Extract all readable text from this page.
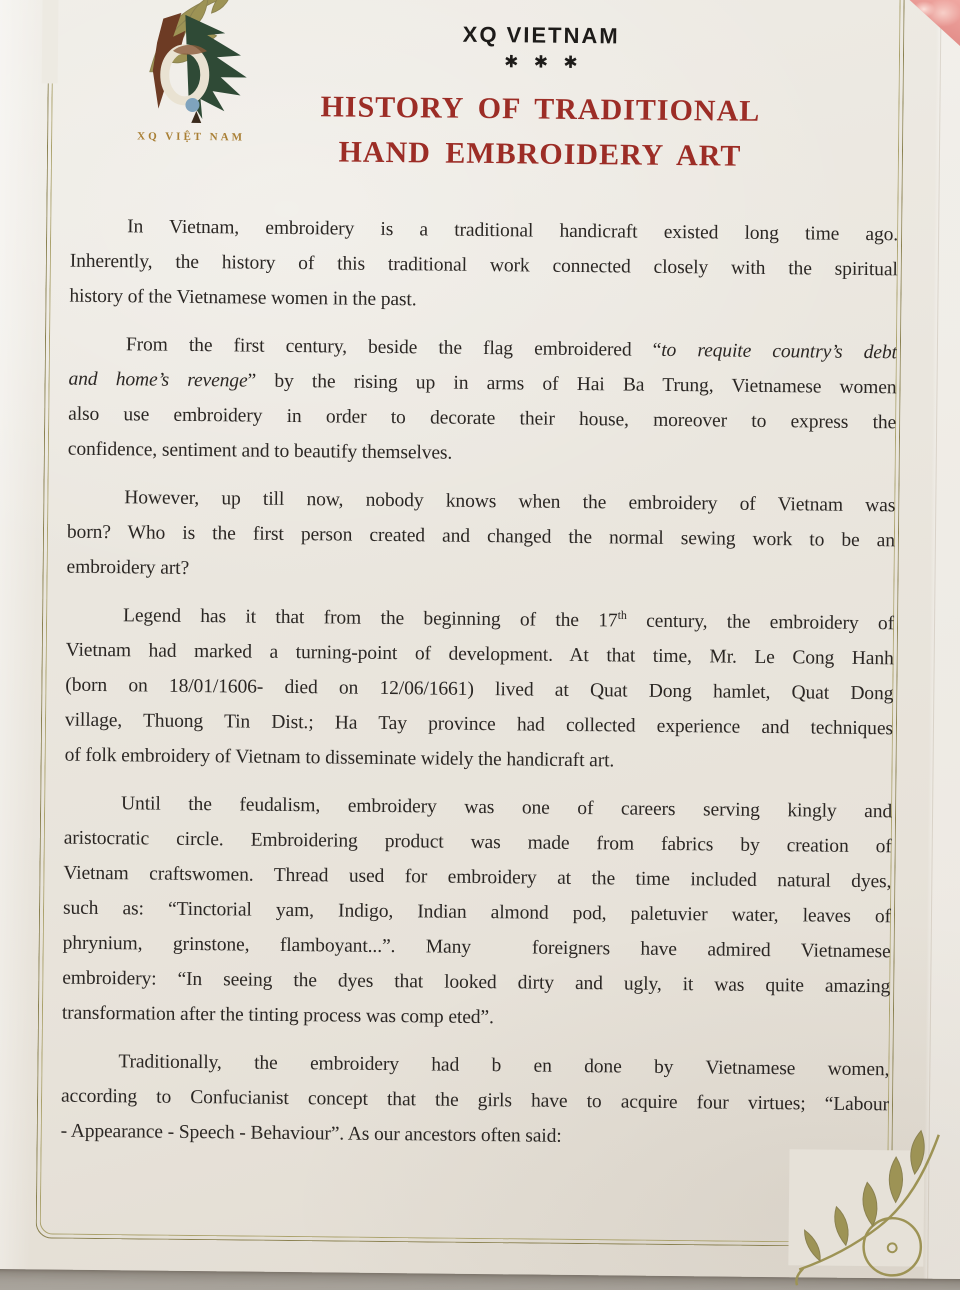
XQ VIỆT NAM
XQ VIETNAM
✱ ✱ ✱
HISTORY OF TRADITIONAL
HAND EMBROIDERY ART
In Vietnam, embroidery is a traditional handicraft existed long time ago.
Inherently, the history of this traditional work connected closely with the spiritual
history of the Vietnamese women in the past.
From the first century, beside the flag embroidered “to requite country’s debt
and home’s revenge” by the rising up in arms of Hai Ba Trung, Vietnamese women
also use embroidery in order to decorate their house, moreover to express the
confidence, sentiment and to beautify themselves.
However, up till now, nobody knows when the embroidery of Vietnam was
born? Who is the first person created and changed the normal sewing work to be an
embroidery art?
Legend has it that from the beginning of the 17th century, the embroidery of
Vietnam had marked a turning-point of development. At that time, Mr. Le Cong Hanh
(born on 18/01/1606- died on 12/06/1661) lived at Quat Dong hamlet, Quat Dong
village, Thuong Tin Dist.; Ha Tay province had collected experience and techniques
of folk embroidery of Vietnam to disseminate widely the handicraft art.
Until the feudalism, embroidery was one of careers serving kingly and
aristocratic circle. Embroidering product was made from fabrics by creation of
Vietnam craftswomen. Thread used for embroidery at the time included natural dyes,
such as: “Tinctorial yam, Indigo, Indian almond pod, paletuvier water, leaves of
phrynium, grinstone, flamboyant...”. Many  foreigners have admired Vietnamese
embroidery: “In seeing the dyes that looked dirty and ugly, it was quite amazing
transformation after the tinting process was comp eted”.
Traditionally, the embroidery had b en done by Vietnamese women,
according to Confucianist concept that the girls have to acquire four virtues; “Labour
- Appearance - Speech - Behaviour”. As our ancestors often said:
